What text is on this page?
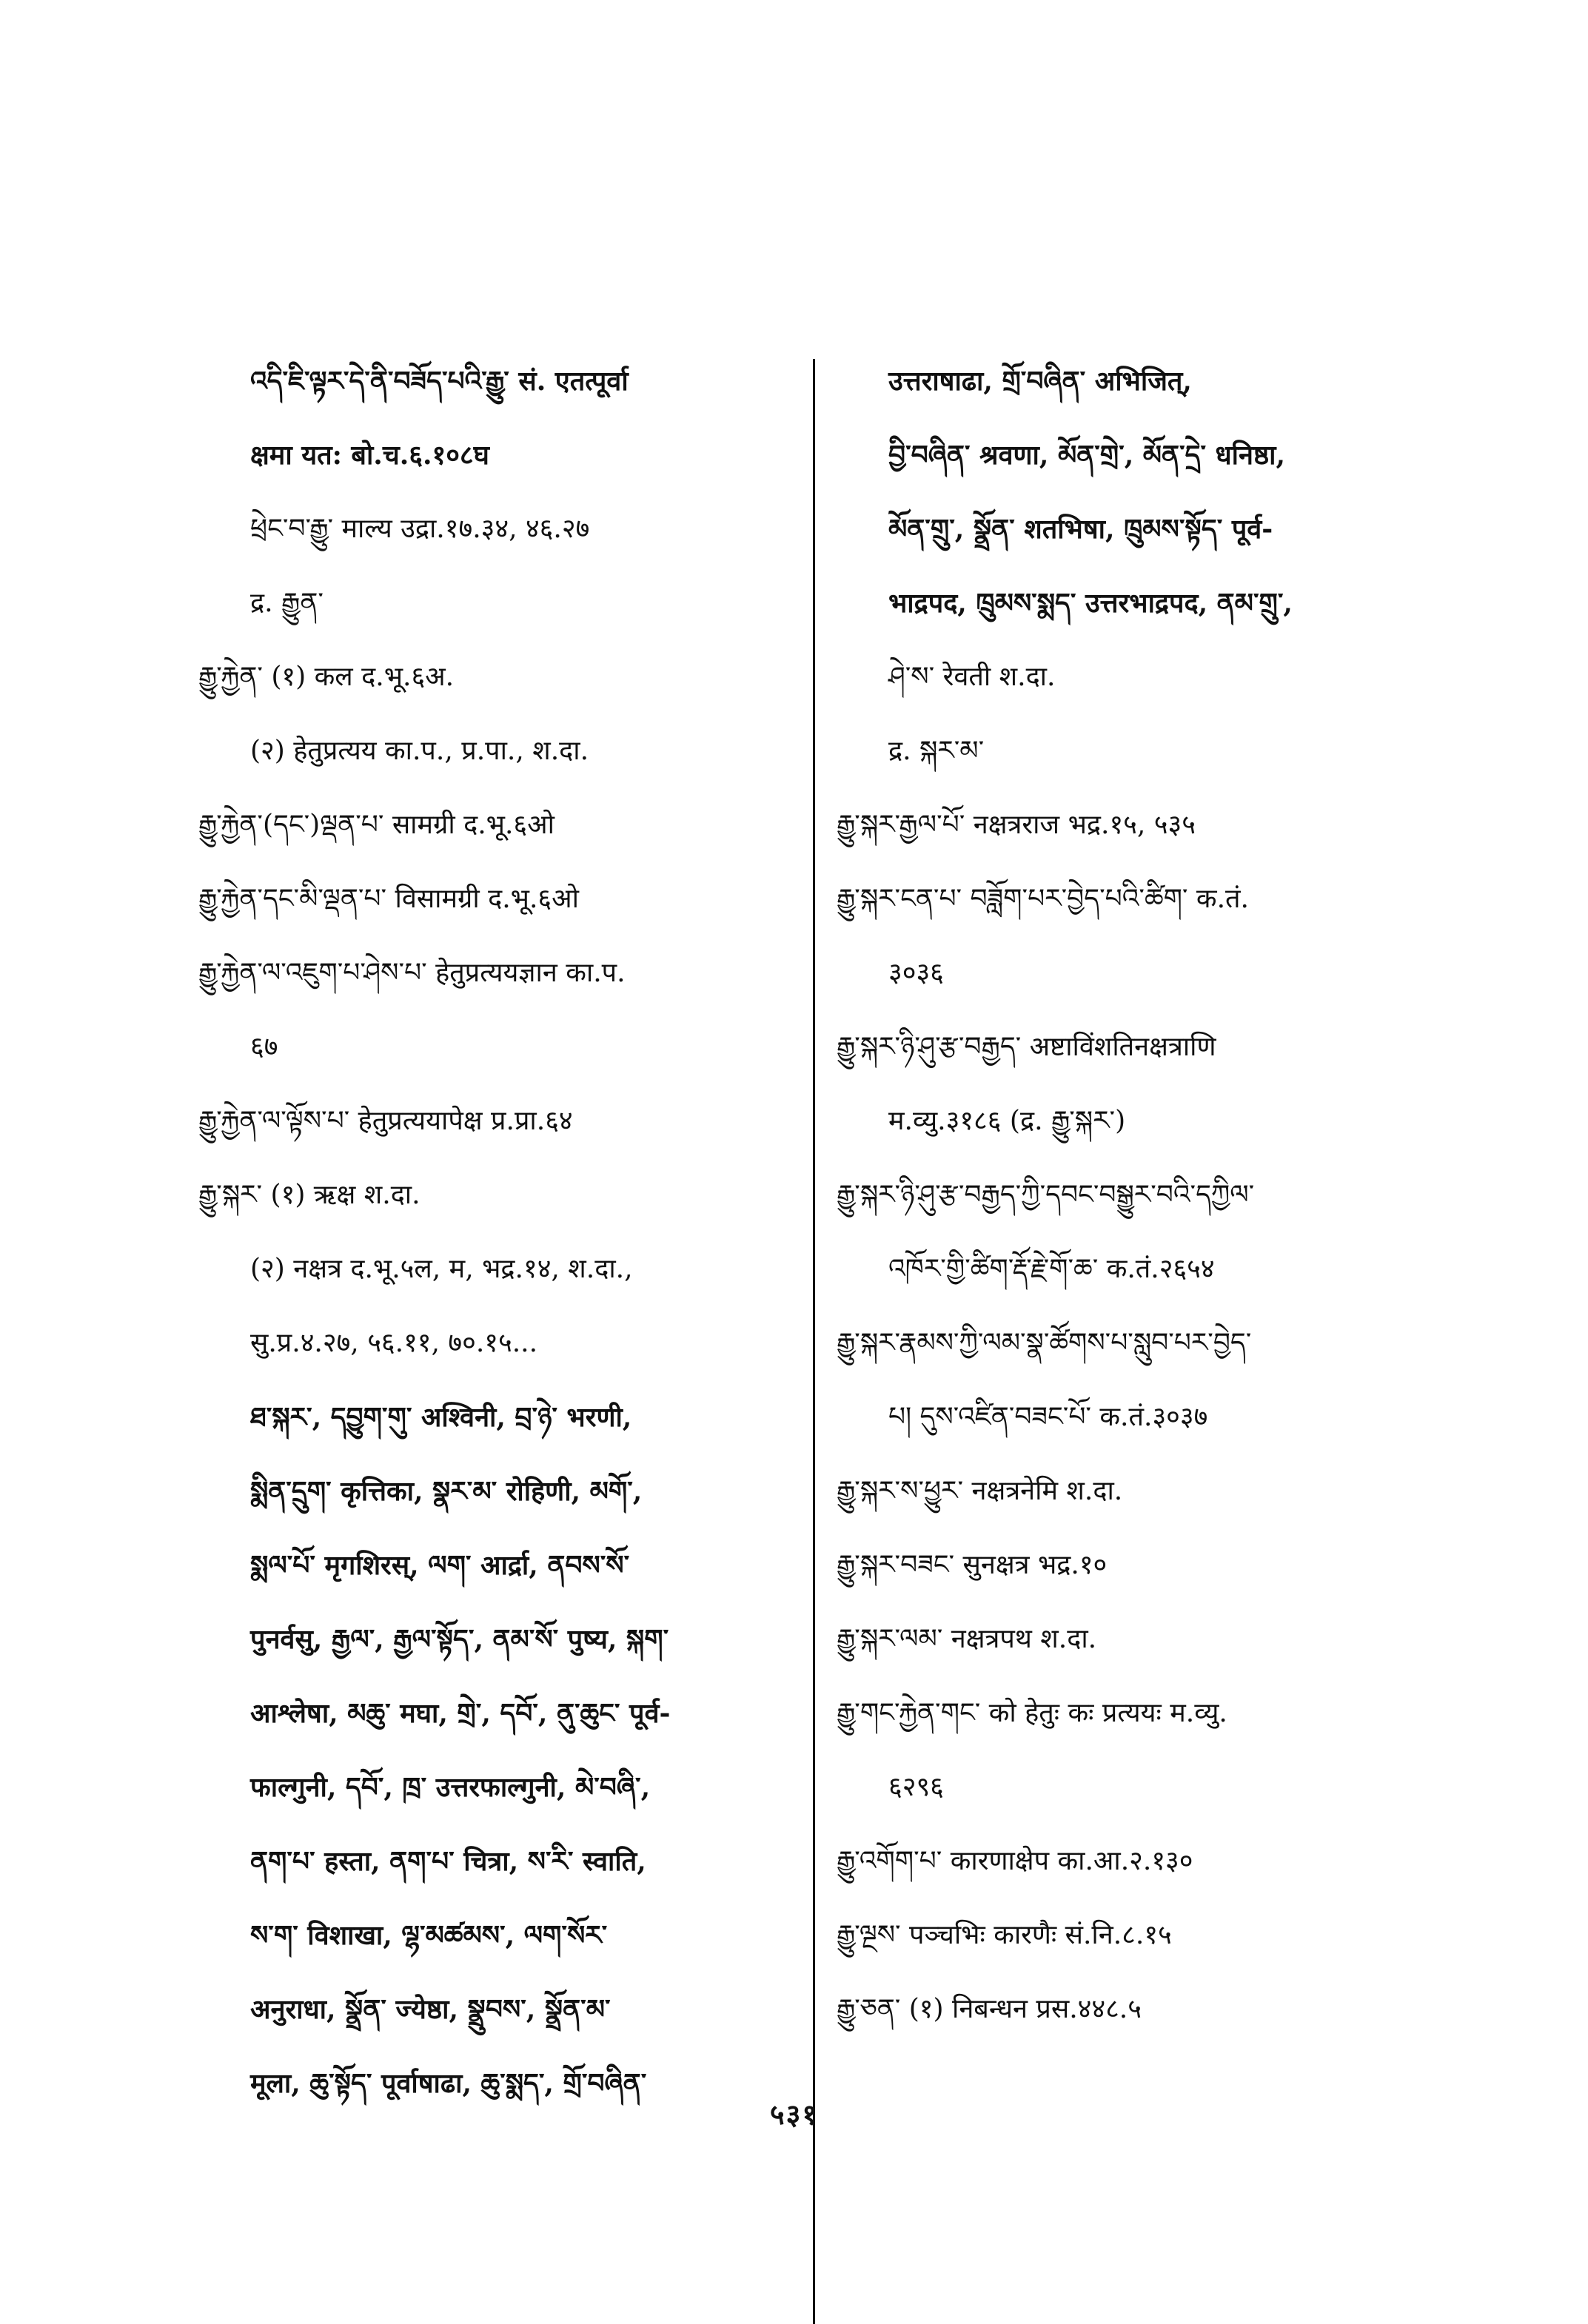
འདི་ཇི་ལྟར་དེ་ནི་བཟོད་པའི་རྒྱུ་ सं. एतत्पूर्वा
क्षमा यत: बो.च.६.१०८घ
ཕྲེང་བ་རྒྱུ་ माल्य उद्रा.१७.३४, ४६.२७
द्र. རྒྱུན་
རྒྱུ་རྐྱེན་ (१) कल द.भू.६अ.
(२) हेतुप्रत्यय का.प., प्र.पा., श.दा.
རྒྱུ་རྐྱེན་(དང་)ལྡན་པ་ सामग्री द.भू.६ओ
རྒྱུ་རྐྱེན་དང་མི་ལྡན་པ་ विसामग्री द.भू.६ओ
རྒྱུ་རྐྱེན་ལ་འཇུག་པ་ཤེས་པ་ हेतुप्रत्ययज्ञान का.प.
६७
རྒྱུ་རྐྱེན་ལ་ལྟོས་པ་ हेतुप्रत्ययापेक्ष प्र.प्रा.६४
རྒྱུ་སྐར་ (१) ऋक्ष श.दा.
(२) नक्षत्र द.भू.५ल, म, भद्र.१४, श.दा.,
सु.प्र.४.२७, ५६.११, ७०.१५...
ཐ་སྐར་, དབྱུག་གུ་ अश्विनी, བྲ་ཉེ་ भरणी,
སྨིན་དྲུག་ कृत्तिका, སྣར་མ་ रोहिणी, མགོ་,
སྨལ་པོ་ मृगशिरस्, ལག་ आर्द्रा, ནབས་སོ་
पुनर्वसु, རྒྱལ་, རྒྱལ་སྟོད་, ནམ་སོ་ पुष्य, སྐག་
आश्लेषा, མཆུ་ मघा, གྲེ་, དབོ་, ནུ་ཆུང་ पूर्व-
फाल्गुनी, དབོ་, ཁྲ་ उत्तरफाल्गुनी, མེ་བཞི་,
ནག་པ་ हस्ता, ནག་པ་ चित्रा, ས་རི་ स्वाति,
ས་ག་ विशाखा, ལྷ་མཚམས་, ལག་སོར་
अनुराधा, སྣྲོན་ ज्येष्ठा, སྣྲུབས་, སྣྲོན་མ་
मूला, ཆུ་སྟོད་ पूर्वाषाढा, ཆུ་སྨད་, གྲོ་བཞིན་
उत्तराषाढा, གྲོ་བཞིན་ अभिजित्,
བྱི་བཞིན་ श्रवणा, མོན་གྲེ་, མོན་དྲེ་ धनिष्ठा,
མོན་གྲུ་, སྣྲོན་ शतभिषा, ཁྲུམས་སྟོད་ पूर्व-
भाद्रपद, ཁྲུམས་སྨད་ उत्तरभाद्रपद, ནམ་གྲུ་,
ཤེ་ས་ रेवती श.दा.
द्र. སྐར་མ་
རྒྱུ་སྐར་རྒྱལ་པོ་ नक्षत्रराज भद्र.१५, ५३५
རྒྱུ་སྐར་ངན་པ་ བཟློག་པར་བྱེད་པའི་ཚིག་ क.तं.
३०३६
རྒྱུ་སྐར་ཉི་ཤུ་རྩ་བརྒྱད་ अष्टाविंशतिनक्षत्राणि
म.व्यु.३१८६ (द्र. རྒྱུ་སྐར་)
རྒྱུ་སྐར་ཉི་ཤུ་རྩ་བརྒྱད་ཀྱི་དབང་བསྒྱུར་བའི་དཀྱིལ་
འཁོར་གྱི་ཚིག་རྡོ་རྗེ་གོ་ཆ་ क.तं.२६५४
རྒྱུ་སྐར་རྣམས་ཀྱི་ལམ་སྣ་ཚོགས་པ་སླུབ་པར་བྱེད་
པ། དུས་འཛིན་བཟང་པོ་ क.तं.३०३७
རྒྱུ་སྐར་ས་ཕྱུར་ नक्षत्रनेमि श.दा.
རྒྱུ་སྐར་བཟང་ सुनक्षत्र भद्र.१०
རྒྱུ་སྐར་ལམ་ नक्षत्रपथ श.दा.
རྒྱུ་གང་རྐྱེན་གང་ को हेतुः कः प्रत्ययः म.व्यु.
६२९६
རྒྱུ་འགོག་པ་ कारणाक्षेप का.आ.२.१३०
རྒྱུ་ལྔས་ पञ्चभिः कारणैः सं.नि.८.१५
རྒྱུ་ཅན་ (१) निबन्धन प्रस.४४८.५
५३१
